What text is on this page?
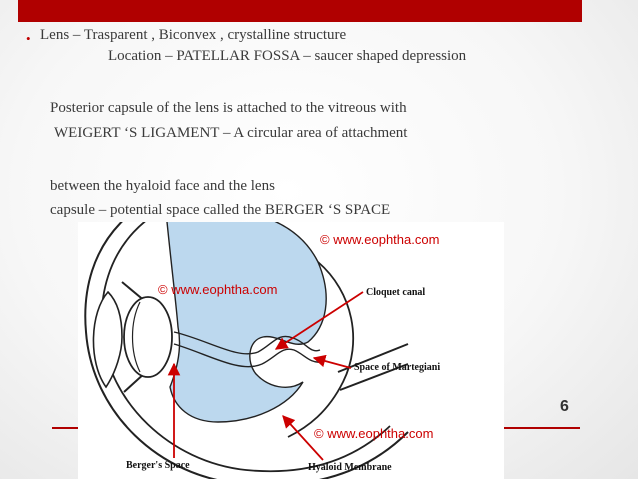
• Lens – Trasparent , Biconvex , crystalline structure
Location – PATELLAR FOSSA – saucer shaped depression
Posterior capsule of the lens is attached to the vitreous with
WEIGERT ‘S LIGAMENT – A circular area of attachment
between the hyaloid face and the lens
capsule – potential space called the BERGER ‘S SPACE
6
© www.eophtha.com
© www.eophtha.com
© www.eophtha.com
Cloquet canal
Space of Martegiani
Berger's Space	Hyaloid Membrane
